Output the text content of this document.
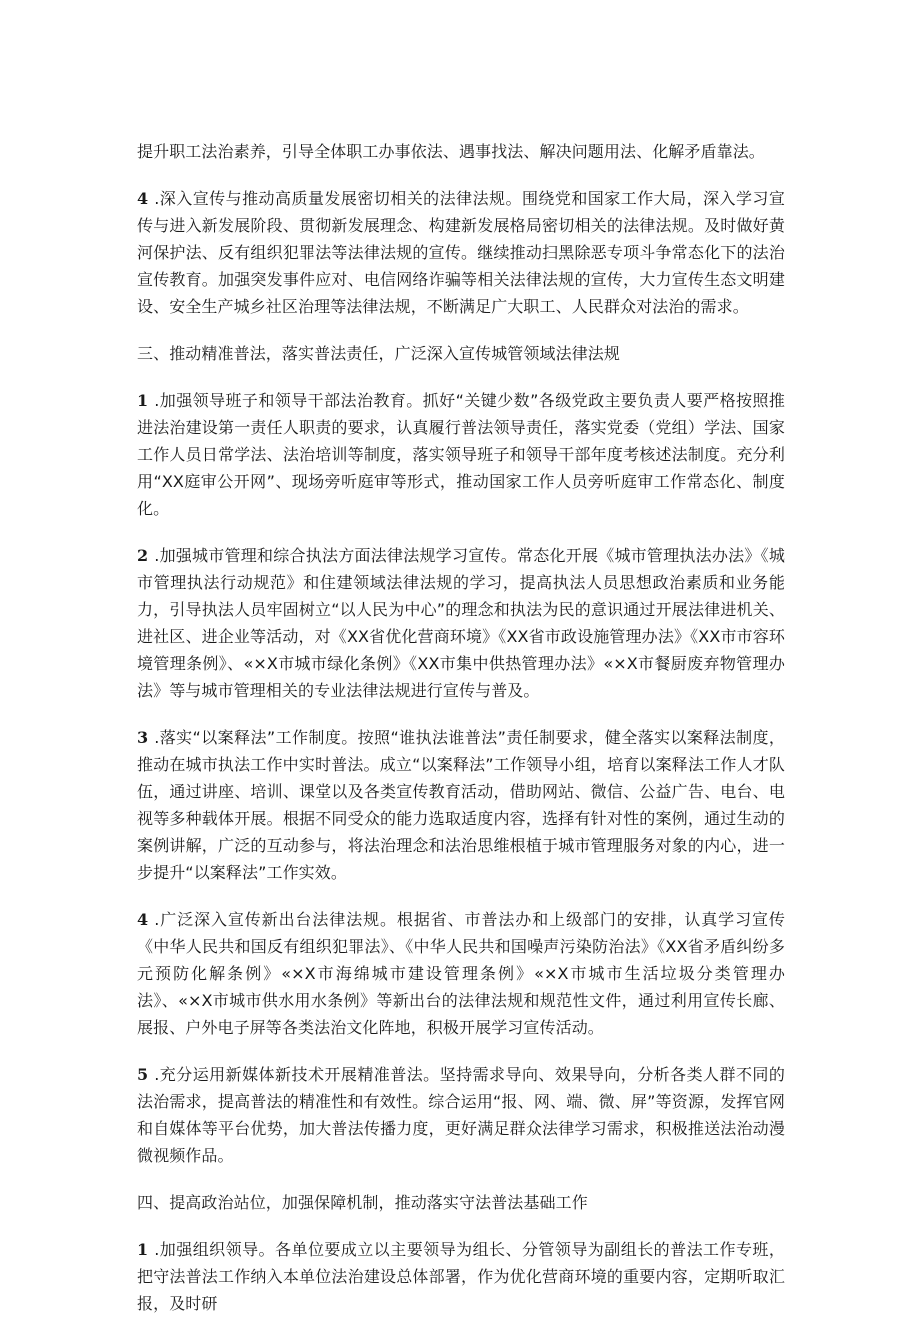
提升职工法治素养，引导全体职工办事依法、遇事找法、解决问题用法、化解矛盾靠法。

4 .深入宣传与推动高质量发展密切相关的法律法规。围绕党和国家工作大局，深入学习宣传与进入新发展阶段、贯彻新发展理念、构建新发展格局密切相关的法律法规。及时做好黄河保护法、反有组织犯罪法等法律法规的宣传。继续推动扫黑除恶专项斗争常态化下的法治宣传教育。加强突发事件应对、电信网络诈骗等相关法律法规的宣传，大力宣传生态文明建设、安全生产城乡社区治理等法律法规，不断满足广大职工、人民群众对法治的需求。

三、推动精准普法，落实普法责任，广泛深入宣传城管领域法律法规

1 .加强领导班子和领导干部法治教育。抓好“关键少数”各级党政主要负责人要严格按照推进法治建设第一责任人职责的要求，认真履行普法领导责任，落实党委（党组）学法、国家工作人员日常学法、法治培训等制度，落实领导班子和领导干部年度考核述法制度。充分利用“XX庭审公开网”、现场旁听庭审等形式，推动国家工作人员旁听庭审工作常态化、制度化。

2 .加强城市管理和综合执法方面法律法规学习宣传。常态化开展《城市管理执法办法》《城市管理执法行动规范》和住建领域法律法规的学习，提高执法人员思想政治素质和业务能力，引导执法人员牢固树立“以人民为中心”的理念和执法为民的意识通过开展法律进机关、进社区、进企业等活动，对《XX省优化营商环境》《XX省市政设施管理办法》《XX市市容环境管理条例》、«×X市城市绿化条例》《XX市集中供热管理办法》«×X市餐厨废弃物管理办法》等与城市管理相关的专业法律法规进行宣传与普及。

3 .落实“以案释法”工作制度。按照“谁执法谁普法”责任制要求，健全落实以案释法制度，推动在城市执法工作中实时普法。成立“以案释法”工作领导小组，培育以案释法工作人才队伍，通过讲座、培训、课堂以及各类宣传教育活动，借助网站、微信、公益广告、电台、电视等多种载体开展。根据不同受众的能力选取适度内容，选择有针对性的案例，通过生动的案例讲解，广泛的互动参与，将法治理念和法治思维根植于城市管理服务对象的内心，进一步提升“以案释法”工作实效。

4 .广泛深入宣传新出台法律法规。根据省、市普法办和上级部门的安排，认真学习宣传《中华人民共和国反有组织犯罪法》、《中华人民共和国噪声污染防治法》《XX省矛盾纠纷多元预防化解条例》«×X市海绵城市建设管理条例》«×X市城市生活垃圾分类管理办法》、«×X市城市供水用水条例》等新出台的法律法规和规范性文件，通过利用宣传长廊、展报、户外电子屏等各类法治文化阵地，积极开展学习宣传活动。

5 .充分运用新媒体新技术开展精准普法。坚持需求导向、效果导向，分析各类人群不同的法治需求，提高普法的精准性和有效性。综合运用“报、网、端、微、屏”等资源，发挥官网和自媒体等平台优势，加大普法传播力度，更好满足群众法律学习需求，积极推送法治动漫微视频作品。

四、提高政治站位，加强保障机制，推动落实守法普法基础工作

1 .加强组织领导。各单位要成立以主要领导为组长、分管领导为副组长的普法工作专班，把守法普法工作纳入本单位法治建设总体部署，作为优化营商环境的重要内容，定期听取汇报，及时研
